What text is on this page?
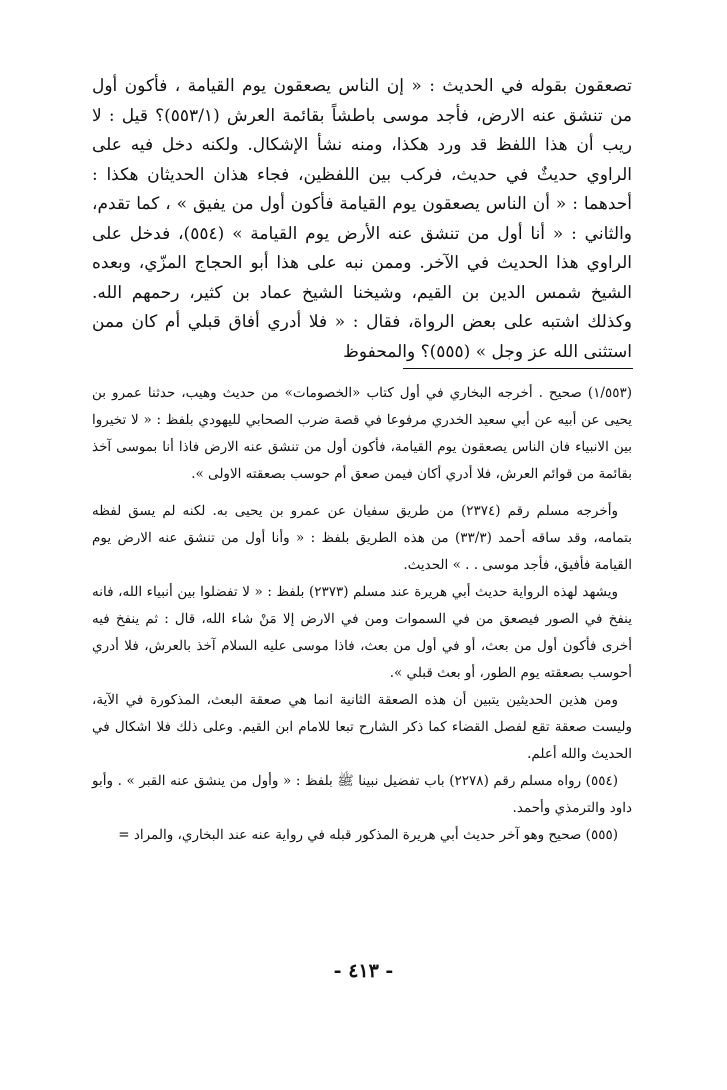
تصعقون بقوله في الحديث : « إن الناس يصعقون يوم القيامة ، فأكون أول من تنشق عنه الارض، فأجد موسى باطشاً بقائمة العرش (٥٥٣/١)؟ قيل : لا ريب أن هذا اللفظ قد ورد هكذا، ومنه نشأ الإشكال. ولكنه دخل فيه على الراوي حديثٌ في حديث، فركب بين اللفظين، فجاء هذان الحديثان هكذا : أحدهما : « أن الناس يصعقون يوم القيامة فأكون أول من يفيق » ، كما تقدم، والثاني : « أنا أول من تنشق عنه الأرض يوم القيامة » (٥٥٤)، فدخل على الراوي هذا الحديث في الآخر. وممن نبه على هذا أبو الحجاج المزّي، وبعده الشيخ شمس الدين بن القيم، وشيخنا الشيخ عماد بن كثير، رحمهم الله. وكذلك اشتبه على بعض الرواة، فقال : « فلا أدري أفاق قبلي أم كان ممن استثنى الله عز وجل » (٥٥٥)؟ والمحفوظ

(١/٥٥٣) صحيح . أخرجه البخاري في أول كتاب «الخصومات» من حديث وهيب، حدثنا عمرو بن يحيى عن أبيه عن أبي سعيد الخدري مرفوعا في قصة ضرب الصحابي لليهودي بلفظ : « لا تخيروا بين الانبياء فان الناس يصعقون يوم القيامة، فأكون أول من تنشق عنه الارض فاذا أنا بموسى آخذ بقائمة من قوائم العرش، فلا أدري أكان فيمن صعق أم حوسب بصعقته الاولى ».

وأخرجه مسلم رقم (٢٣٧٤) من طريق سفيان عن عمرو بن يحيى به. لكنه لم يسق لفظه بتمامه، وقد ساقه أحمد (٣٣/٣) من هذه الطريق بلفظ : « وأنا أول من تنشق عنه الارض يوم القيامة فأفيق، فأجد موسى . . » الحديث.

ويشهد لهذه الرواية حديث أبي هريرة عند مسلم (٢٣٧٣) بلفظ : « لا تفضلوا بين أنبياء الله، فانه ينفخ في الصور فيصعق من في السموات ومن في الارض إلا مَنْ شاء الله، قال : ثم ينفخ فيه أخرى فأكون أول من بعث، أو في أول من بعث، فاذا موسى عليه السلام آخذ بالعرش، فلا أدري أحوسب بصعقته يوم الطور، أو بعث قبلي ».

ومن هذين الحديثين يتبين أن هذه الصعقة الثانية انما هي صعقة البعث، المذكورة في الآية، وليست صعقة تقع لفصل القضاء كما ذكر الشارح تبعا للامام ابن القيم. وعلى ذلك فلا اشكال في الحديث والله أعلم.

(٥٥٤) رواه مسلم رقم (٢٢٧٨) باب تفضيل نبينا ﷺ بلفظ : « وأول من ينشق عنه القبر » . وأبو داود والترمذي وأحمد.

(٥٥٥) صحيح وهو آخر حديث أبي هريرة المذكور قبله في رواية عنه عند البخاري، والمراد =

- ٤١٣ -
